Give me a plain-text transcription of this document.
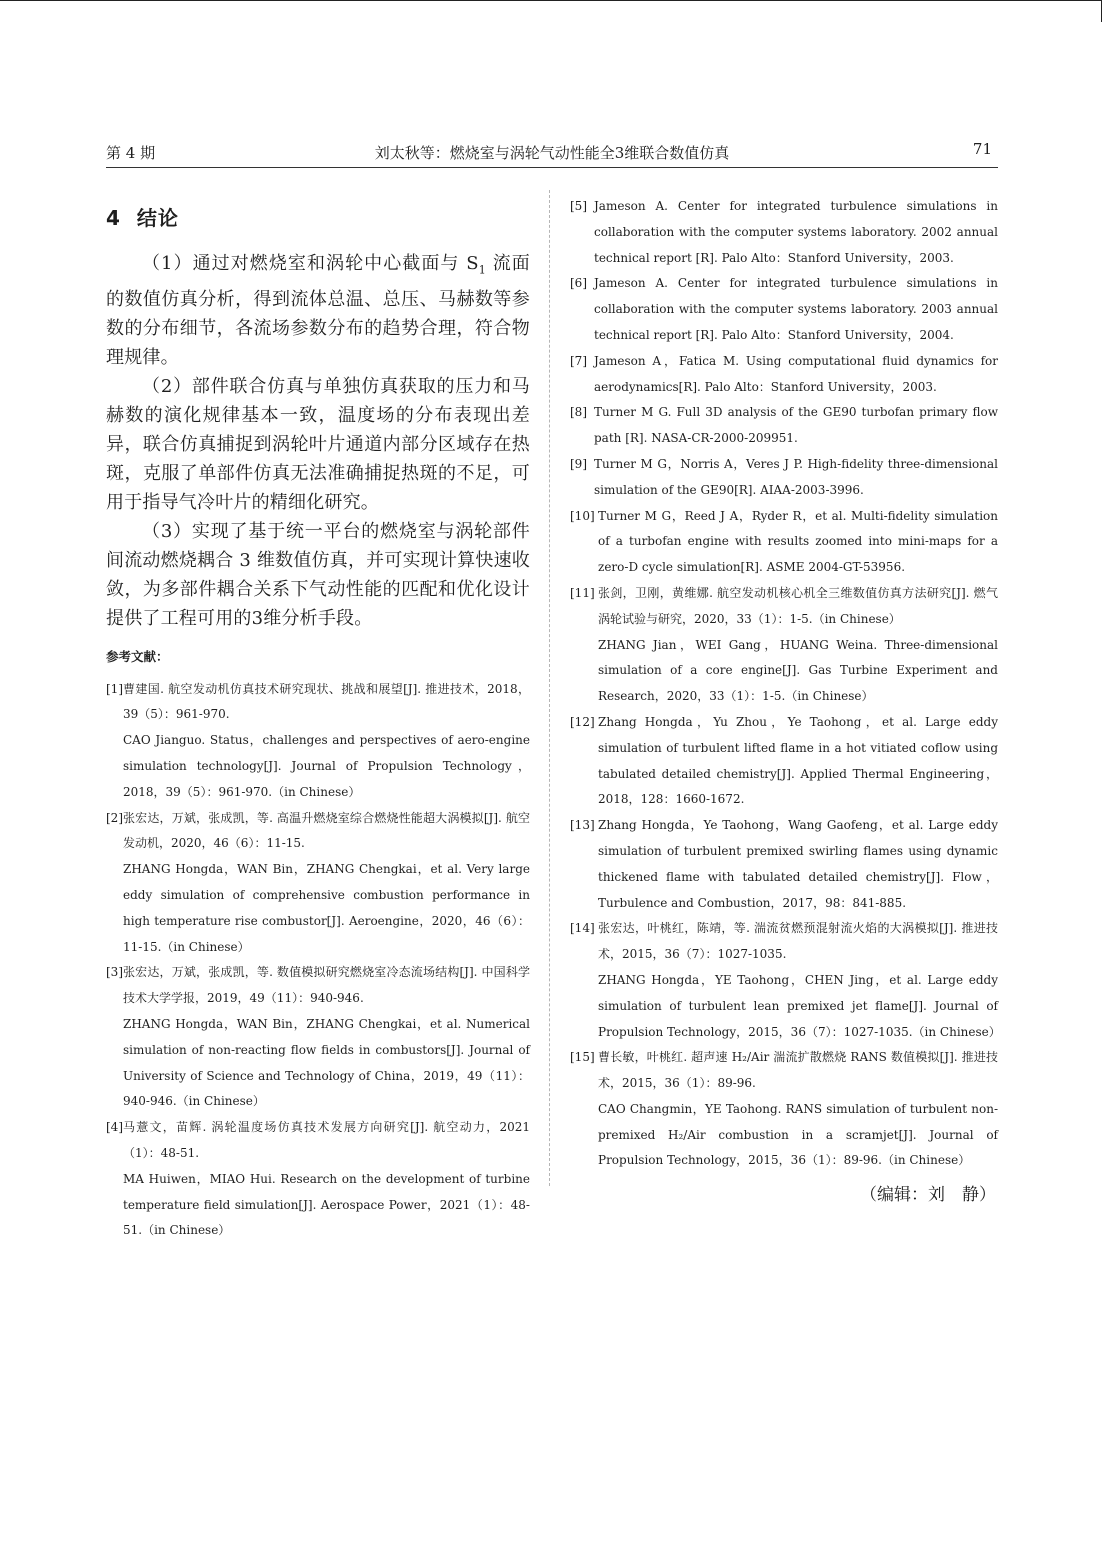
第 4 期	刘太秋等：燃烧室与涡轮气动性能全3维联合数值仿真	71
4 结论

（1）通过对燃烧室和涡轮中心截面与 $S_1$ 流面的数值仿真分析，得到流体总温、总压、马赫数等参数的分布细节，各流场参数分布的趋势合理，符合物理规律。

（2）部件联合仿真与单独仿真获取的压力和马赫数的演化规律基本一致，温度场的分布表现出差异，联合仿真捕捉到涡轮叶片通道内部分区域存在热斑，克服了单部件仿真无法准确捕捉热斑的不足，可用于指导气冷叶片的精细化研究。

（3）实现了基于统一平台的燃烧室与涡轮部件间流动燃烧耦合 3 维数值仿真，并可实现计算快速收敛，为多部件耦合关系下气动性能的匹配和优化设计提供了工程可用的3维分析手段。

参考文献：
[1] 曹建国. 航空发动机仿真技术研究现状、挑战和展望[J]. 推进技术，2018，39（5）：961-970.
CAO Jianguo. Status，challenges and perspectives of aero-engine simulation technology[J]. Journal of Propulsion Technology，2018，39（5）：961-970.（in Chinese）
[2] 张宏达，万斌，张成凯，等. 高温升燃烧室综合燃烧性能超大涡模拟[J]. 航空发动机，2020，46（6）：11-15.
ZHANG Hongda，WAN Bin，ZHANG Chengkai，et al. Very large eddy simulation of comprehensive combustion performance in high temperature rise combustor[J]. Aeroengine，2020，46（6）：11-15.（in Chinese）
[3] 张宏达，万斌，张成凯，等. 数值模拟研究燃烧室冷态流场结构[J]. 中国科学技术大学学报，2019，49（11）：940-946.
ZHANG Hongda，WAN Bin，ZHANG Chengkai，et al. Numerical simulation of non-reacting flow fields in combustors[J]. Journal of University of Science and Technology of China，2019，49（11）：940-946.（in Chinese）
[4] 马薏文，苗辉. 涡轮温度场仿真技术发展方向研究[J]. 航空动力，2021（1）：48-51.
MA Huiwen，MIAO Hui. Research on the development of turbine temperature field simulation[J]. Aerospace Power，2021（1）：48-51.（in Chinese）
[5] Jameson A. Center for integrated turbulence simulations in collaboration with the computer systems laboratory. 2002 annual technical report [R]. Palo Alto：Stanford University，2003.
[6] Jameson A. Center for integrated turbulence simulations in collaboration with the computer systems laboratory. 2003 annual technical report [R]. Palo Alto：Stanford University，2004.
[7] Jameson A，Fatica M. Using computational fluid dynamics for aerodynamics[R]. Palo Alto：Stanford University，2003.
[8] Turner M G. Full 3D analysis of the GE90 turbofan primary flow path [R]. NASA-CR-2000-209951.
[9] Turner M G，Norris A，Veres J P. High-fidelity three-dimensional simulation of the GE90[R]. AIAA-2003-3996.
[10] Turner M G，Reed J A，Ryder R，et al. Multi-fidelity simulation of a turbofan engine with results zoomed into mini-maps for a zero-D cycle simulation[R]. ASME 2004-GT-53956.
[11] 张剑，卫刚，黄维娜. 航空发动机核心机全三维数值仿真方法研究[J]. 燃气涡轮试验与研究，2020，33（1）：1-5.（in Chinese）
ZHANG Jian，WEI Gang，HUANG Weina. Three-dimensional simulation of a core engine[J]. Gas Turbine Experiment and Research，2020，33（1）：1-5.（in Chinese）
[12] Zhang Hongda，Yu Zhou，Ye Taohong，et al. Large eddy simulation of turbulent lifted flame in a hot vitiated coflow using tabulated detailed chemistry[J]. Applied Thermal Engineering，2018，128：1660-1672.
[13] Zhang Hongda，Ye Taohong，Wang Gaofeng，et al. Large eddy simulation of turbulent premixed swirling flames using dynamic thickened flame with tabulated detailed chemistry[J]. Flow，Turbulence and Combustion，2017，98：841-885.
[14] 张宏达，叶桃红，陈靖，等. 湍流贫燃预混射流火焰的大涡模拟[J]. 推进技术，2015，36（7）：1027-1035.
ZHANG Hongda，YE Taohong，CHEN Jing，et al. Large eddy simulation of turbulent lean premixed jet flame[J]. Journal of Propulsion Technology，2015，36（7）：1027-1035.（in Chinese）
[15] 曹长敏，叶桃红. 超声速 H₂/Air 湍流扩散燃烧 RANS 数值模拟[J]. 推进技术，2015，36（1）：89-96.
CAO Changmin，YE Taohong. RANS simulation of turbulent non-premixed H₂/Air combustion in a scramjet[J]. Journal of Propulsion Technology，2015，36（1）：89-96.（in Chinese）
（编辑：刘　静）
